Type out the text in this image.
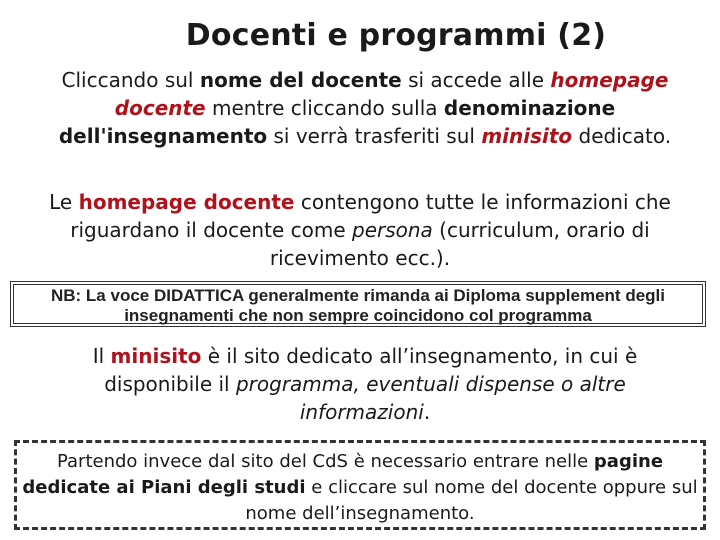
Docenti e programmi (2)
Cliccando sul nome del docente si accede alle homepage docente mentre cliccando sulla denominazione dell'insegnamento si verrà trasferiti sul minisito dedicato.
Le homepage docente contengono tutte le informazioni che riguardano il docente come persona (curriculum, orario di ricevimento ecc.).
NB: La voce DIDATTICA generalmente rimanda ai Diploma supplement degli
insegnamenti che non sempre coincidono col programma
Il minisito è il sito dedicato all’insegnamento, in cui è disponibile il programma, eventuali dispense o altre informazioni.
Partendo invece dal sito del CdS è necessario entrare nelle pagine dedicate ai Piani degli studi e cliccare sul nome del docente oppure sul nome dell’insegnamento.
